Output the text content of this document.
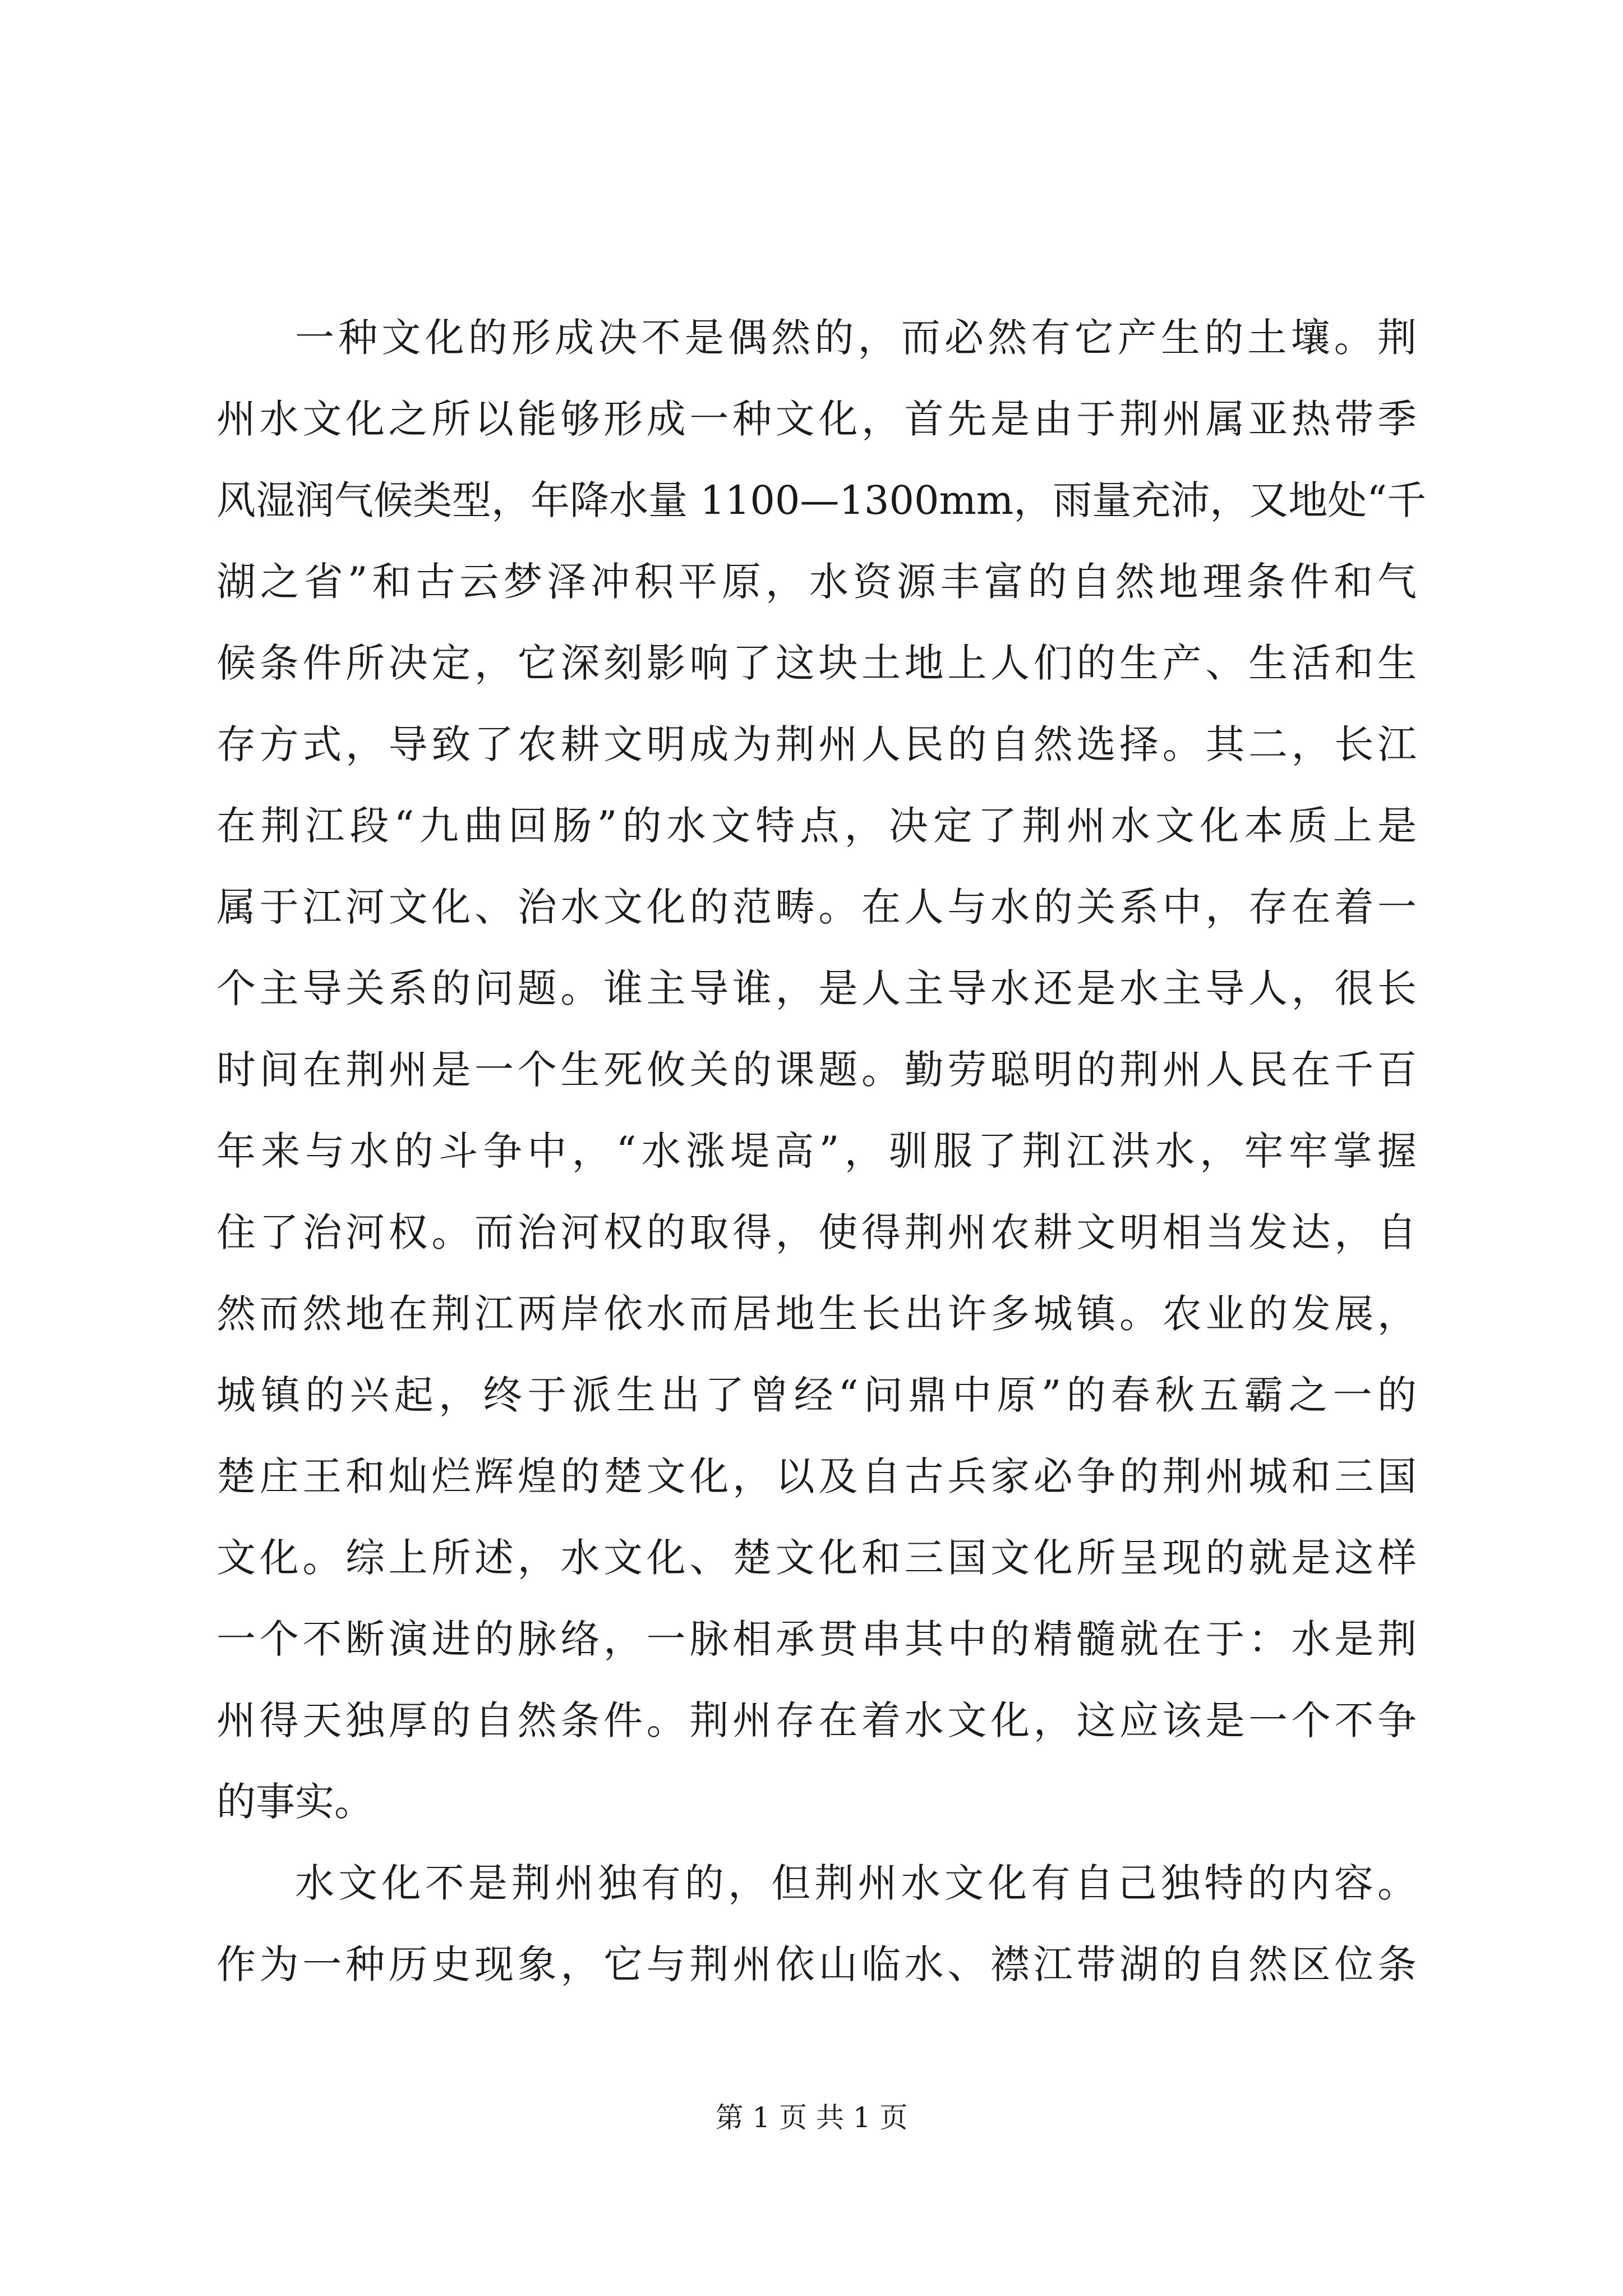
一种文化的形成决不是偶然的，而必然有它产生的土壤。荆
州水文化之所以能够形成一种文化，首先是由于荆州属亚热带季
风湿润气候类型，年降水量 1100—1300mm，雨量充沛，又地处“千
湖之省”和古云梦泽冲积平原，水资源丰富的自然地理条件和气
候条件所决定，它深刻影响了这块土地上人们的生产、生活和生
存方式，导致了农耕文明成为荆州人民的自然选择。其二，长江
在荆江段“九曲回肠”的水文特点，决定了荆州水文化本质上是
属于江河文化、治水文化的范畴。在人与水的关系中，存在着一
个主导关系的问题。谁主导谁，是人主导水还是水主导人，很长
时间在荆州是一个生死攸关的课题。勤劳聪明的荆州人民在千百
年来与水的斗争中，“水涨堤高”，驯服了荆江洪水，牢牢掌握
住了治河权。而治河权的取得，使得荆州农耕文明相当发达，自
然而然地在荆江两岸依水而居地生长出许多城镇。农业的发展，
城镇的兴起，终于派生出了曾经“问鼎中原”的春秋五霸之一的
楚庄王和灿烂辉煌的楚文化，以及自古兵家必争的荆州城和三国
文化。综上所述，水文化、楚文化和三国文化所呈现的就是这样
一个不断演进的脉络，一脉相承贯串其中的精髓就在于：水是荆
州得天独厚的自然条件。荆州存在着水文化，这应该是一个不争
的事实。
水文化不是荆州独有的，但荆州水文化有自己独特的内容。
作为一种历史现象，它与荆州依山临水、襟江带湖的自然区位条
第 1 页 共 1 页
